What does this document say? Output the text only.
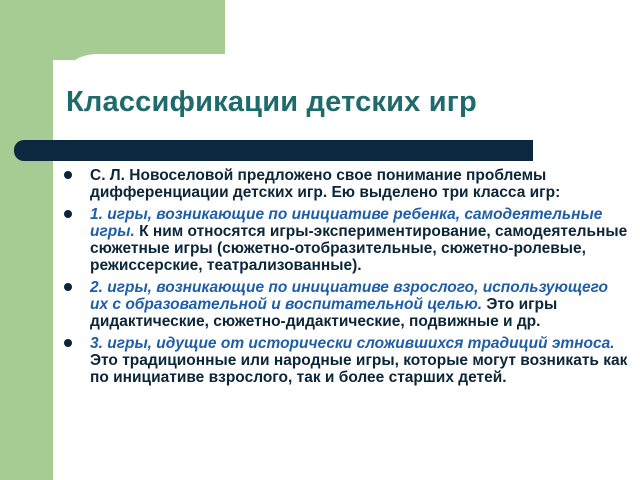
Классификации детских игр
С. Л. Новоселовой предложено свое понимание проблемы дифференциации детских игр. Ею выделено три класса игр:
1. игры, возникающие по инициативе ребенка, самодеятельные игры. К ним относятся игры-экспериментирование, самодеятельные сюжетные игры (сюжетно-отобразительные, сюжетно-ролевые, режиссерские, театрализованные).
2. игры, возникающие по инициативе взрослого, использующего их с образовательной и воспитательной целью. Это игры дидактические, сюжетно-дидактические, подвижные и др.
3. игры, идущие от исторически сложившихся традиций этноса. Это традиционные или народные игры, которые могут возникать как по инициативе взрослого, так и более старших детей.
